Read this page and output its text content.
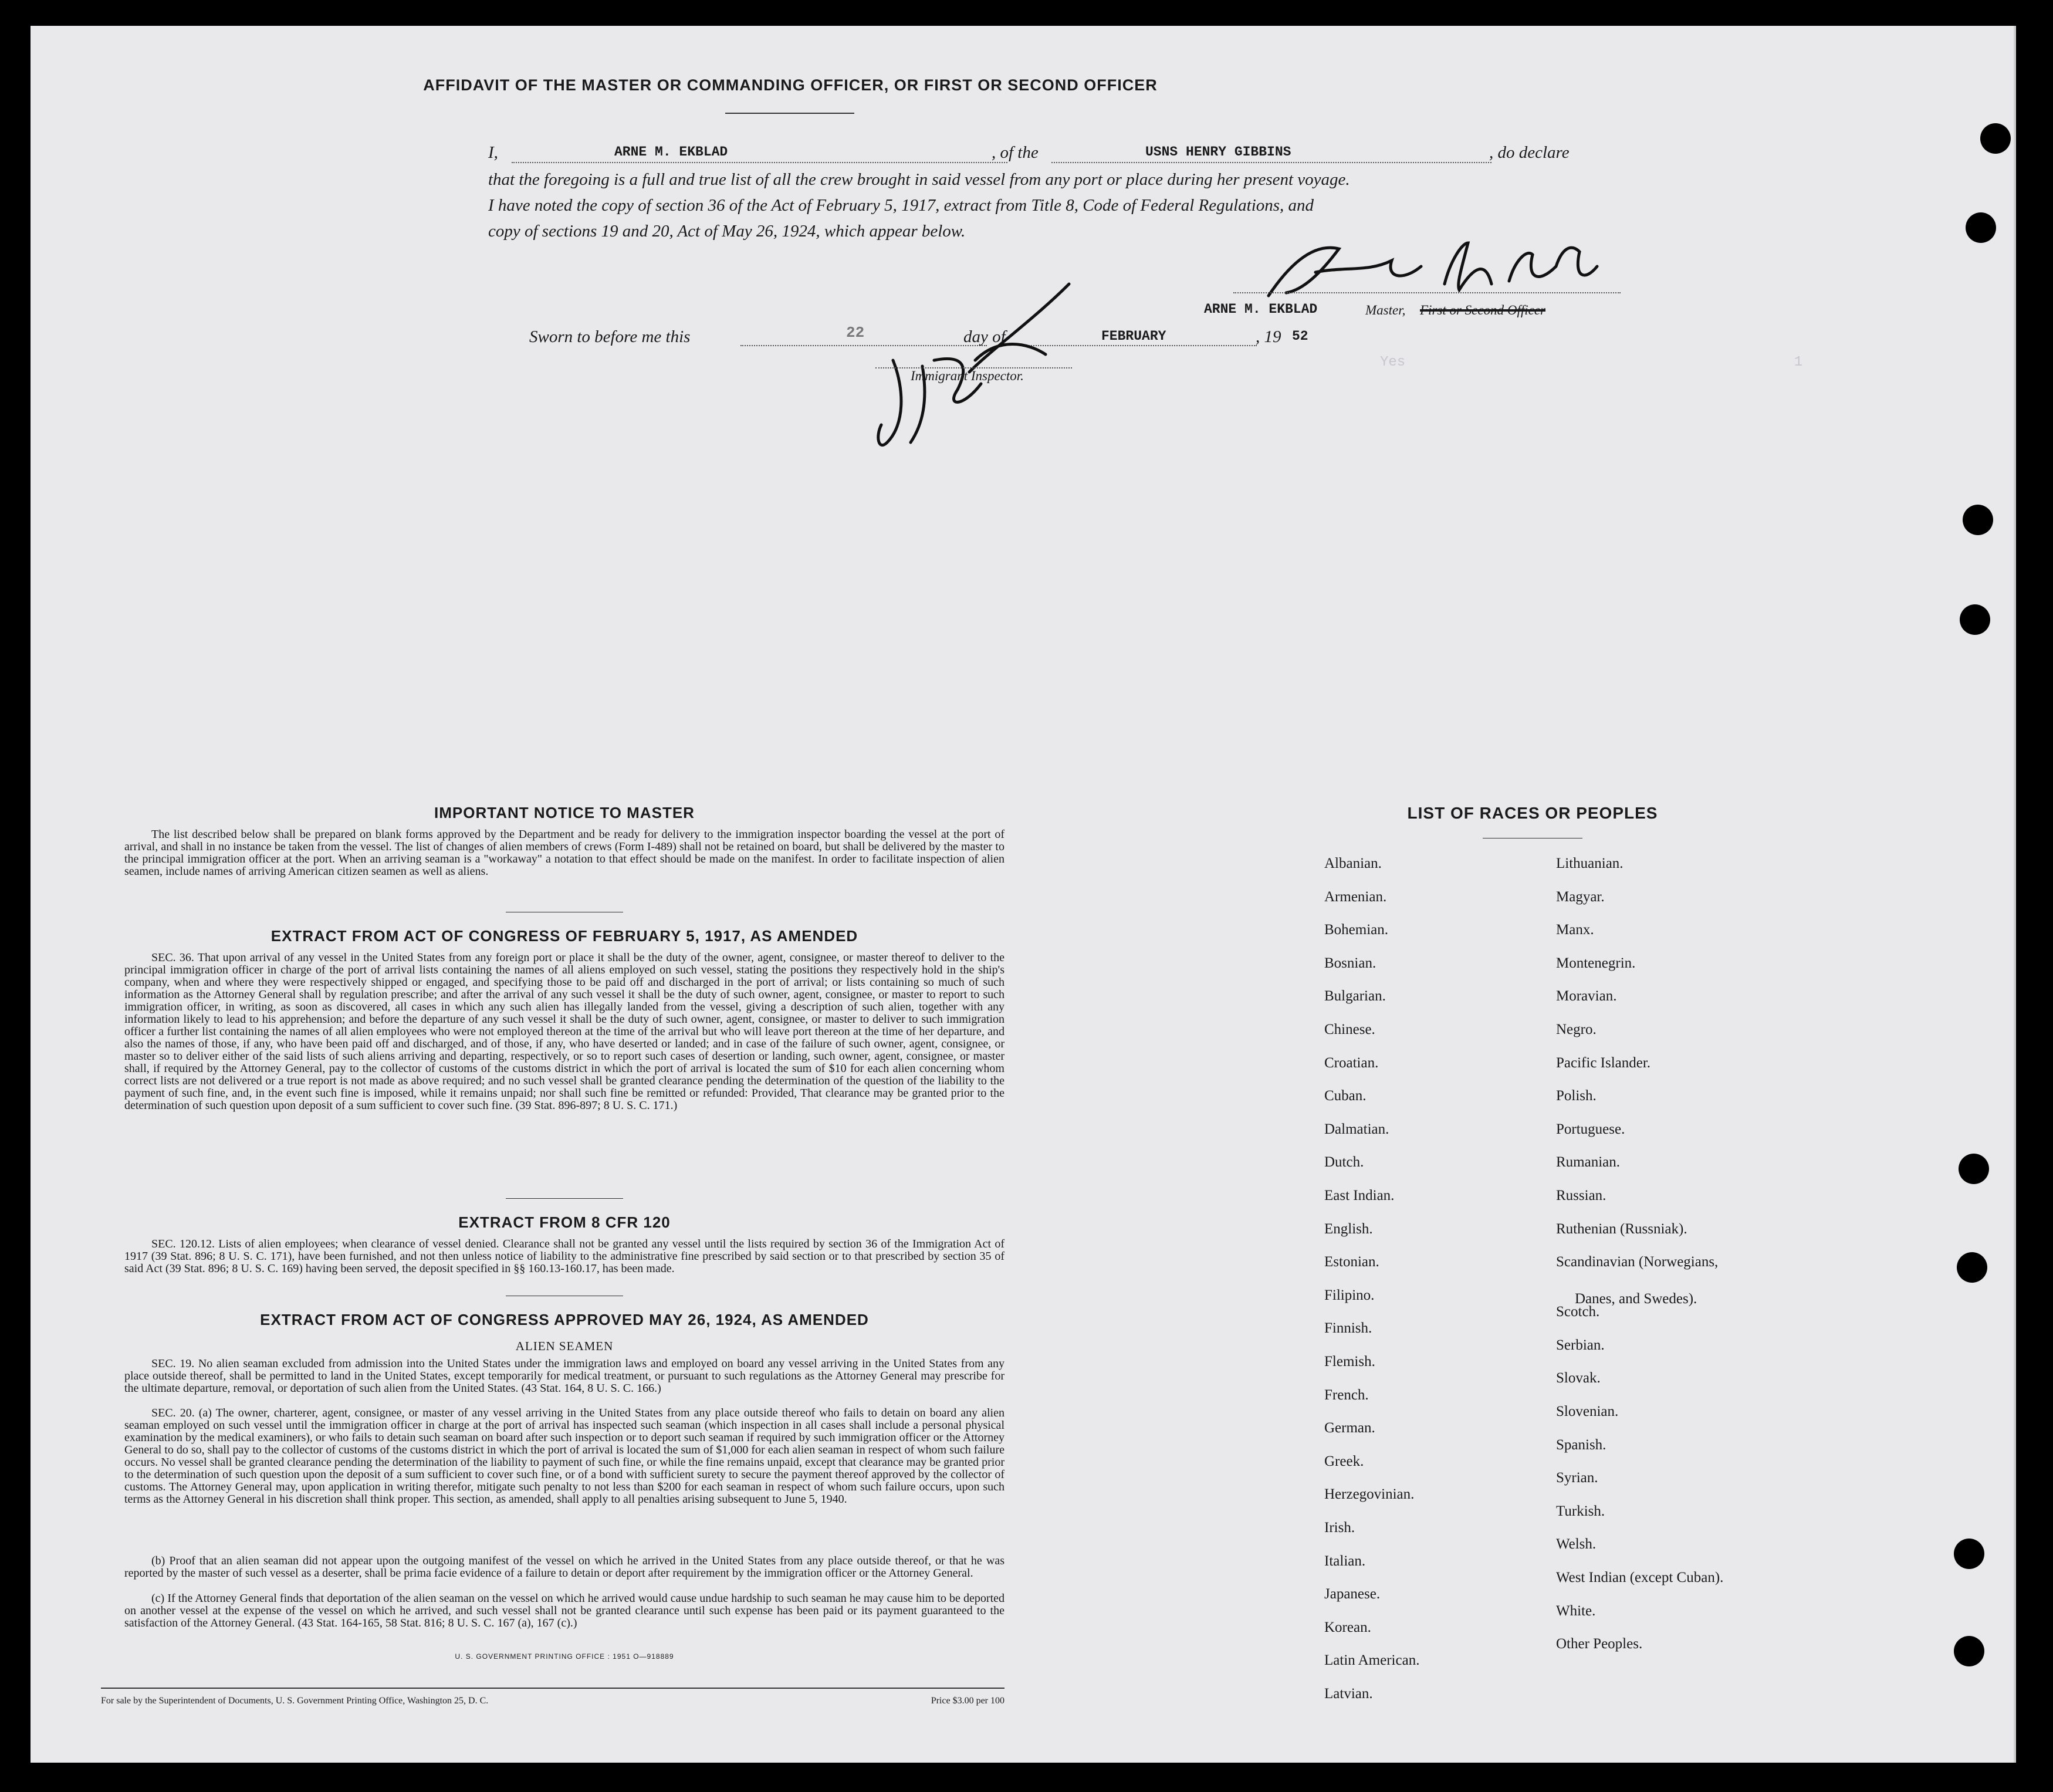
Yes                                              1
AFFIDAVIT OF THE MASTER OR COMMANDING OFFICER, OR FIRST OR SECOND OFFICER
I,	ARNE M. EKBLAD	, of the	USNS HENRY GIBBINS	, do declare
that the foregoing is a full and true list of all the crew brought in said vessel from any port or place during her present voyage.
I have noted the copy of section 36 of the Act of February 5, 1917, extract from Title 8, Code of Federal Regulations, and
copy of sections 19 and 20, Act of May 26, 1924, which appear below.
ARNE M. EKBLAD	Master, First or Second Officer
Sworn to before me this	22	day of	FEBRUARY	, 19 52
Immigrant Inspector.
IMPORTANT NOTICE TO MASTER
The list described below shall be prepared on blank forms approved by the Department and be ready for delivery to the immigration inspector boarding the vessel at the port of arrival, and shall in no instance be taken from the vessel. The list of changes of alien members of crews (Form I-489) shall not be retained on board, but shall be delivered by the master to the principal immigration officer at the port. When an arriving seaman is a "workaway" a notation to that effect should be made on the manifest. In order to facilitate inspection of alien seamen, include names of arriving American citizen seamen as well as aliens.
EXTRACT FROM ACT OF CONGRESS OF FEBRUARY 5, 1917, AS AMENDED
SEC. 36. That upon arrival of any vessel in the United States from any foreign port or place it shall be the duty of the owner, agent, consignee, or master thereof to deliver to the principal immigration officer in charge of the port of arrival lists containing the names of all aliens employed on such vessel, stating the positions they respectively hold in the ship's company, when and where they were respectively shipped or engaged, and specifying those to be paid off and discharged in the port of arrival; or lists containing so much of such information as the Attorney General shall by regulation prescribe; and after the arrival of any such vessel it shall be the duty of such owner, agent, consignee, or master to report to such immigration officer, in writing, as soon as discovered, all cases in which any such alien has illegally landed from the vessel, giving a description of such alien, together with any information likely to lead to his apprehension; and before the departure of any such vessel it shall be the duty of such owner, agent, consignee, or master to deliver to such immigration officer a further list containing the names of all alien employees who were not employed thereon at the time of the arrival but who will leave port thereon at the time of her departure, and also the names of those, if any, who have been paid off and discharged, and of those, if any, who have deserted or landed; and in case of the failure of such owner, agent, consignee, or master so to deliver either of the said lists of such aliens arriving and departing, respectively, or so to report such cases of desertion or landing, such owner, agent, consignee, or master shall, if required by the Attorney General, pay to the collector of customs of the customs district in which the port of arrival is located the sum of $10 for each alien concerning whom correct lists are not delivered or a true report is not made as above required; and no such vessel shall be granted clearance pending the determination of the question of the liability to the payment of such fine, and, in the event such fine is imposed, while it remains unpaid; nor shall such fine be remitted or refunded: Provided, That clearance may be granted prior to the determination of such question upon deposit of a sum sufficient to cover such fine. (39 Stat. 896-897; 8 U. S. C. 171.)
EXTRACT FROM 8 CFR 120
SEC. 120.12. Lists of alien employees; when clearance of vessel denied. Clearance shall not be granted any vessel until the lists required by section 36 of the Immigration Act of 1917 (39 Stat. 896; 8 U. S. C. 171), have been furnished, and not then unless notice of liability to the administrative fine prescribed by said section or to that prescribed by section 35 of said Act (39 Stat. 896; 8 U. S. C. 169) having been served, the deposit specified in §§ 160.13-160.17, has been made.
EXTRACT FROM ACT OF CONGRESS APPROVED MAY 26, 1924, AS AMENDED
ALIEN SEAMEN
SEC. 19. No alien seaman excluded from admission into the United States under the immigration laws and employed on board any vessel arriving in the United States from any place outside thereof, shall be permitted to land in the United States, except temporarily for medical treatment, or pursuant to such regulations as the Attorney General may prescribe for the ultimate departure, removal, or deportation of such alien from the United States. (43 Stat. 164, 8 U. S. C. 166.)
SEC. 20. (a) The owner, charterer, agent, consignee, or master of any vessel arriving in the United States from any place outside thereof who fails to detain on board any alien seaman employed on such vessel until the immigration officer in charge at the port of arrival has inspected such seaman (which inspection in all cases shall include a personal physical examination by the medical examiners), or who fails to detain such seaman on board after such inspection or to deport such seaman if required by such immigration officer or the Attorney General to do so, shall pay to the collector of customs of the customs district in which the port of arrival is located the sum of $1,000 for each alien seaman in respect of whom such failure occurs. No vessel shall be granted clearance pending the determination of the liability to payment of such fine, or while the fine remains unpaid, except that clearance may be granted prior to the determination of such question upon the deposit of a sum sufficient to cover such fine, or of a bond with sufficient surety to secure the payment thereof approved by the collector of customs. The Attorney General may, upon application in writing therefor, mitigate such penalty to not less than $200 for each seaman in respect of whom such failure occurs, upon such terms as the Attorney General in his discretion shall think proper. This section, as amended, shall apply to all penalties arising subsequent to June 5, 1940.
(b) Proof that an alien seaman did not appear upon the outgoing manifest of the vessel on which he arrived in the United States from any place outside thereof, or that he was reported by the master of such vessel as a deserter, shall be prima facie evidence of a failure to detain or deport after requirement by the immigration officer or the Attorney General.
(c) If the Attorney General finds that deportation of the alien seaman on the vessel on which he arrived would cause undue hardship to such seaman he may cause him to be deported on another vessel at the expense of the vessel on which he arrived, and such vessel shall not be granted clearance until such expense has been paid or its payment guaranteed to the satisfaction of the Attorney General. (43 Stat. 164-165, 58 Stat. 816; 8 U. S. C. 167 (a), 167 (c).)
U. S. GOVERNMENT PRINTING OFFICE : 1951 O—918889
For sale by the Superintendent of Documents, U. S. Government Printing Office, Washington 25, D. C.	Price $3.00 per 100
LIST OF RACES OR PEOPLES
Albanian.
Armenian.
Bohemian.
Bosnian.
Bulgarian.
Chinese.
Croatian.
Cuban.
Dalmatian.
Dutch.
East Indian.
English.
Estonian.
Filipino.
Finnish.
Flemish.
French.
German.
Greek.
Herzegovinian.
Irish.
Italian.
Japanese.
Korean.
Latin American.
Latvian.
Lithuanian.
Magyar.
Manx.
Montenegrin.
Moravian.
Negro.
Pacific Islander.
Polish.
Portuguese.
Rumanian.
Russian.
Ruthenian (Russniak).
Scandinavian (Norwegians,
Danes, and Swedes).
Scotch.
Serbian.
Slovak.
Slovenian.
Spanish.
Syrian.
Turkish.
Welsh.
West Indian (except Cuban).
White.
Other Peoples.
